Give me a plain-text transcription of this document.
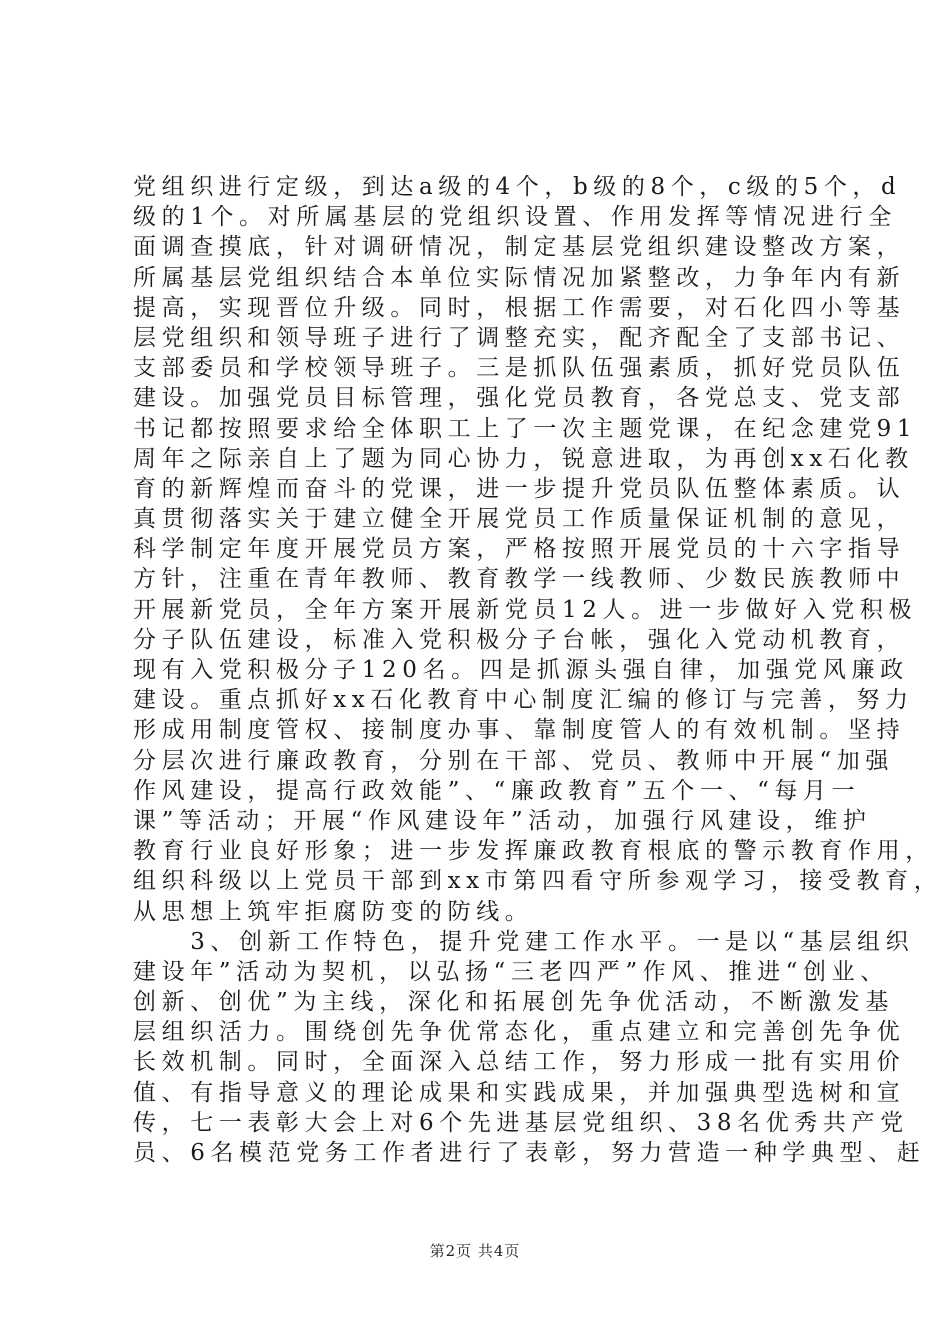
党组织进行定级，到达a级的4个，b级的8个，c级的5个，d
级的1个。对所属基层的党组织设置、作用发挥等情况进行全
面调查摸底，针对调研情况，制定基层党组织建设整改方案，
所属基层党组织结合本单位实际情况加紧整改，力争年内有新
提高，实现晋位升级。同时，根据工作需要，对石化四小等基
层党组织和领导班子进行了调整充实，配齐配全了支部书记、
支部委员和学校领导班子。三是抓队伍强素质，抓好党员队伍
建设。加强党员目标管理，强化党员教育，各党总支、党支部
书记都按照要求给全体职工上了一次主题党课，在纪念建党91
周年之际亲自上了题为同心协力，锐意进取，为再创xx石化教
育的新辉煌而奋斗的党课，进一步提升党员队伍整体素质。认
真贯彻落实关于建立健全开展党员工作质量保证机制的意见，
科学制定年度开展党员方案，严格按照开展党员的十六字指导
方针，注重在青年教师、教育教学一线教师、少数民族教师中
开展新党员，全年方案开展新党员12人。进一步做好入党积极
分子队伍建设，标准入党积极分子台帐，强化入党动机教育，
现有入党积极分子120名。四是抓源头强自律，加强党风廉政
建设。重点抓好xx石化教育中心制度汇编的修订与完善，努力
形成用制度管权、接制度办事、靠制度管人的有效机制。坚持
分层次进行廉政教育，分别在干部、党员、教师中开展“加强
作风建设，提高行政效能”、“廉政教育”五个一、“每月一
课”等活动；开展“作风建设年”活动，加强行风建设，维护
教育行业良好形象；进一步发挥廉政教育根底的警示教育作用，
组织科级以上党员干部到xx市第四看守所参观学习，接受教育，
从思想上筑牢拒腐防变的防线。
　　3、创新工作特色，提升党建工作水平。一是以“基层组织
建设年”活动为契机，以弘扬“三老四严”作风、推进“创业、
创新、创优”为主线，深化和拓展创先争优活动，不断激发基
层组织活力。围绕创先争优常态化，重点建立和完善创先争优
长效机制。同时，全面深入总结工作，努力形成一批有实用价
值、有指导意义的理论成果和实践成果，并加强典型选树和宣
传，七一表彰大会上对6个先进基层党组织、38名优秀共产党
员、6名模范党务工作者进行了表彰，努力营造一种学典型、赶
第2页 共4页
